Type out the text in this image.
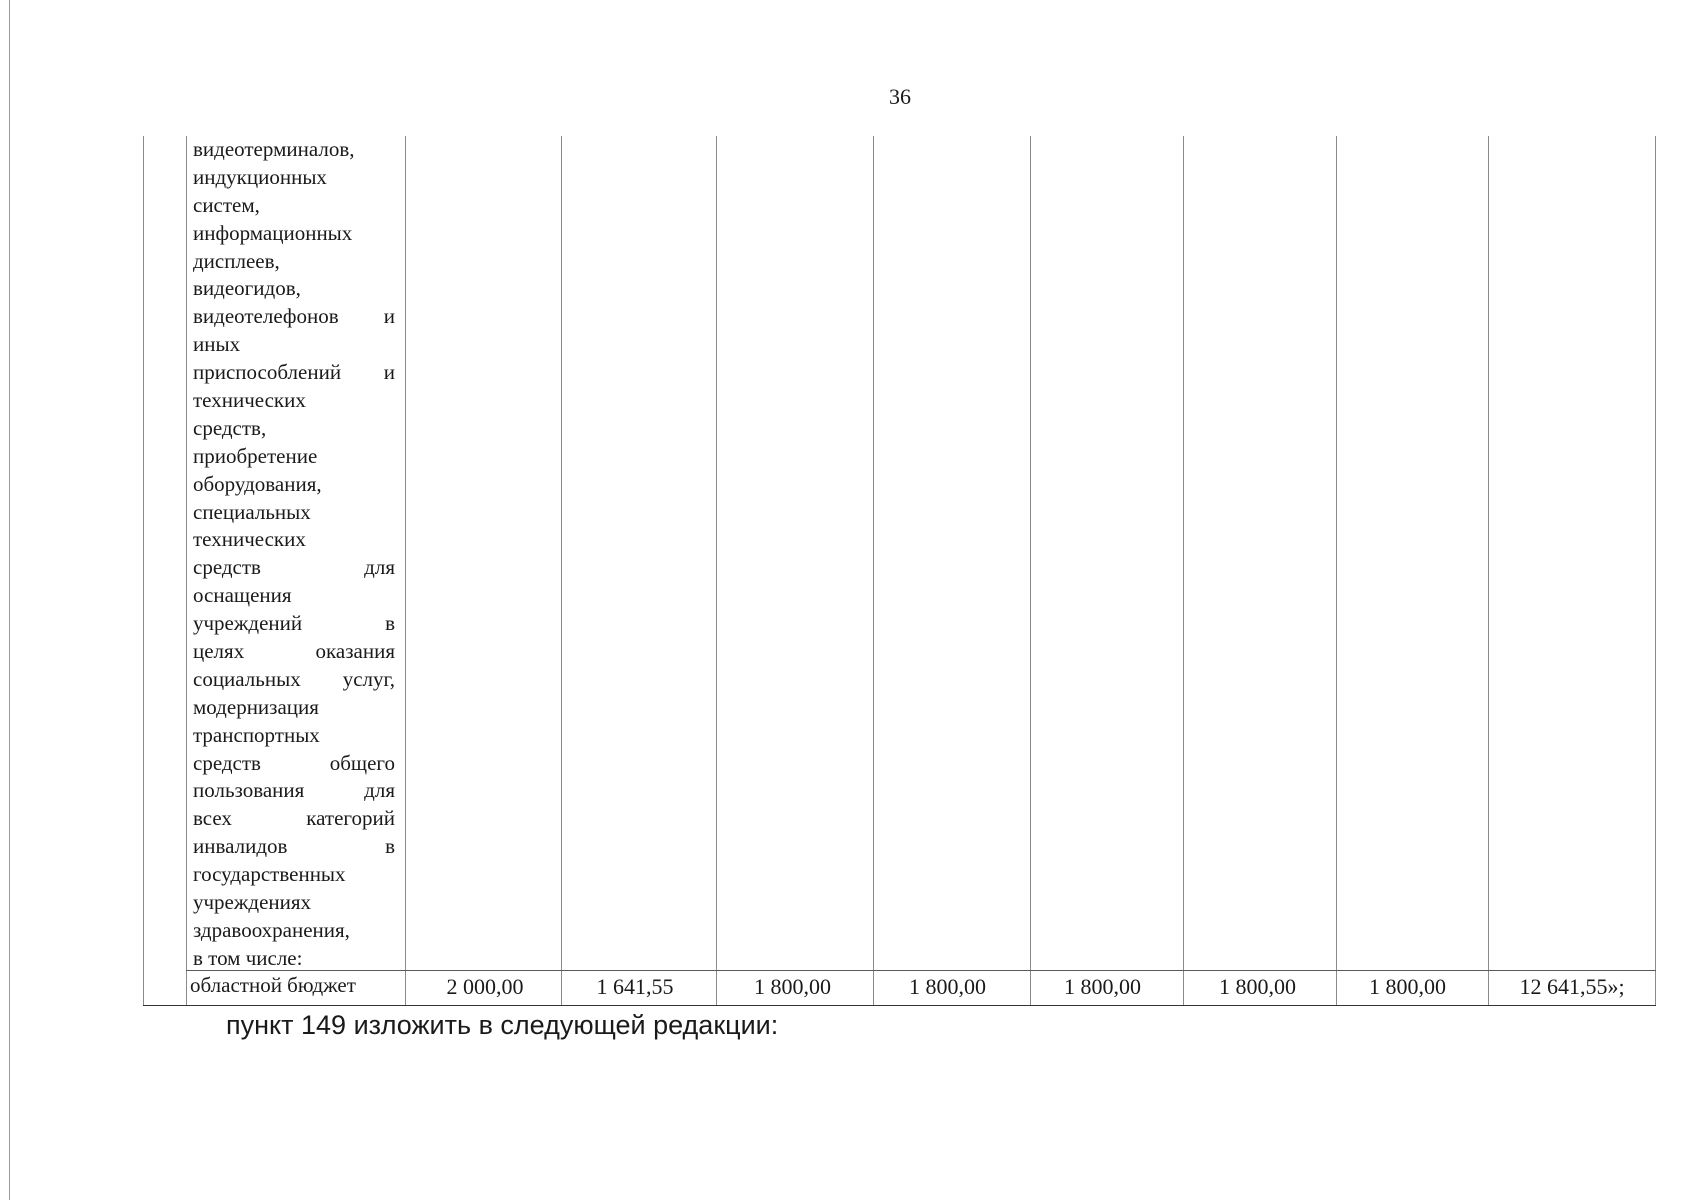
36
видеотерминалов,
индукционных
систем,
информационных
дисплеев,
видеогидов,
видеотелефонов и
иных
приспособлений и
технических
средств,
приобретение
оборудования,
специальных
технических
средств для
оснащения
учреждений в
целях оказания
социальных услуг,
модернизация
транспортных
средств общего
пользования для
всех категорий
инвалидов в
государственных
учреждениях
здравоохранения,
в том числе:
областной бюджет	2 000,00	1 641,55	1 800,00	1 800,00	1 800,00	1 800,00	1 800,00	12 641,55»;
пункт 149 изложить в следующей редакции:
